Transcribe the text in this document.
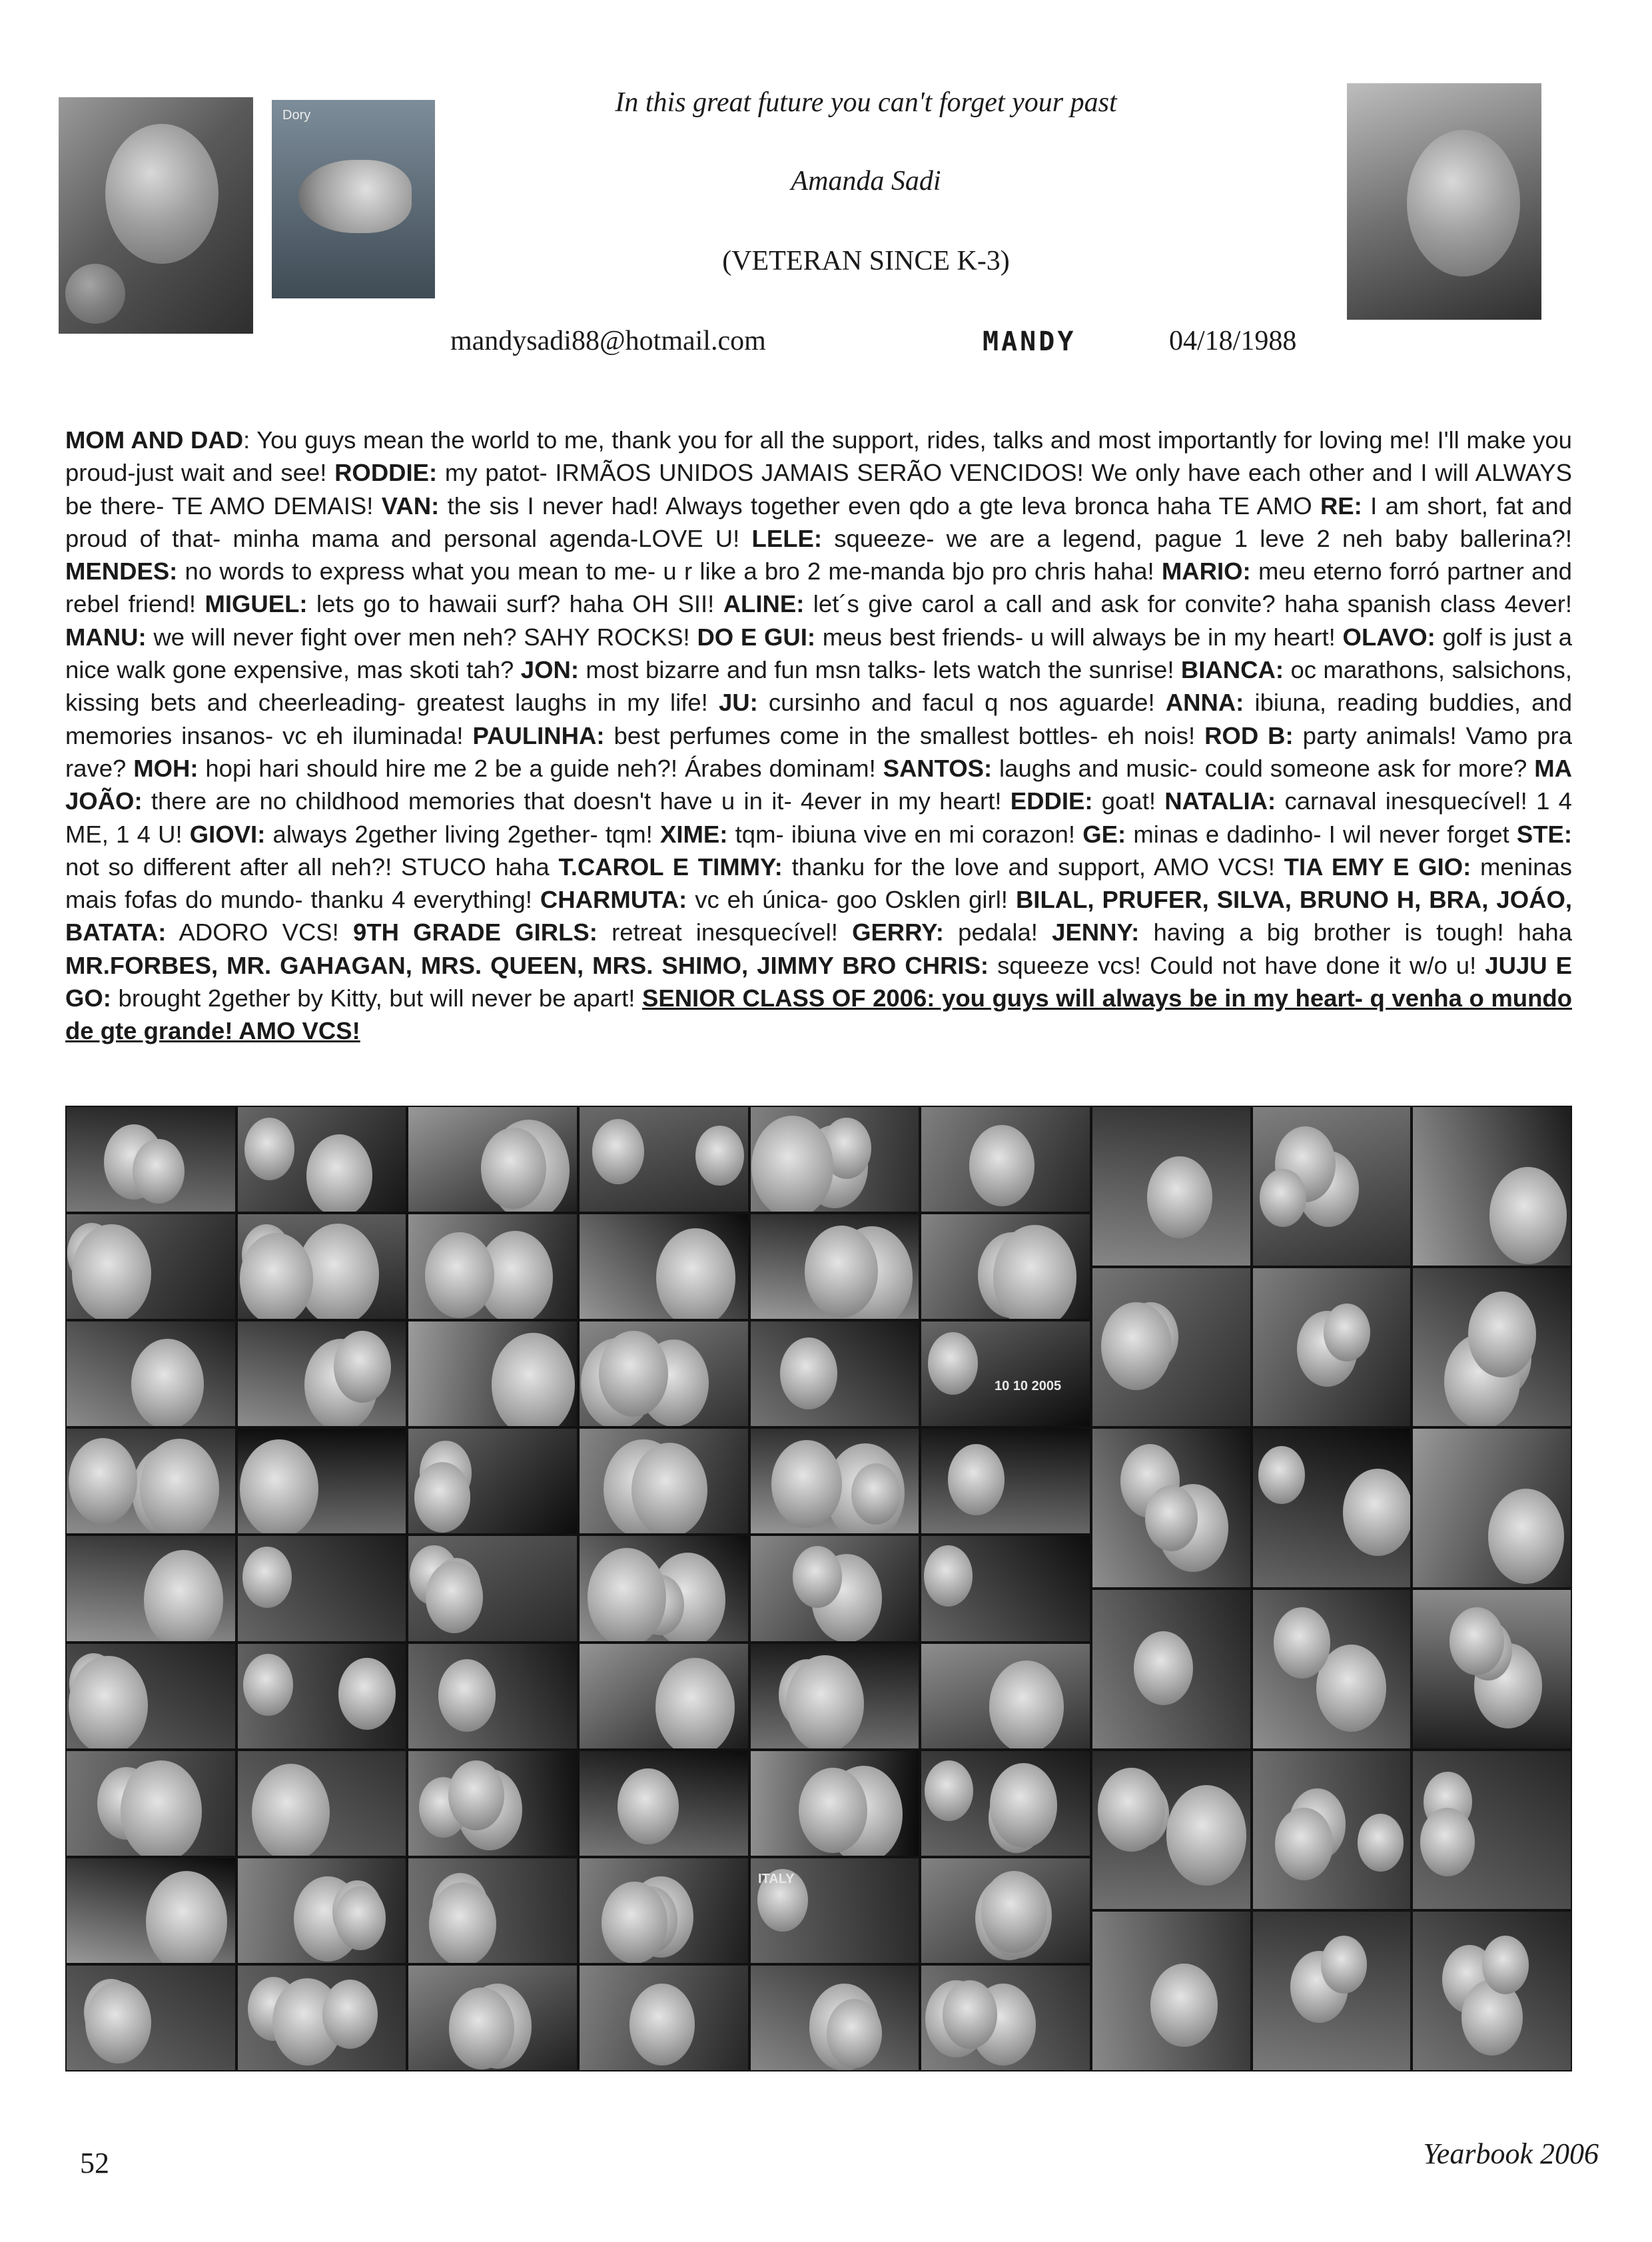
Dory	In this great future you can't forget your past
Amanda Sadi
(VETERAN SINCE K-3)
mandysadi88@hotmail.com	MANDY	04/18/1988
MOM AND DAD: You guys mean the world to me, thank you for all the support, rides, talks and most importantly for loving me! I'll make you proud-just wait and see! RODDIE: my patot- IRMÃOS UNIDOS JAMAIS SERÃO VENCIDOS! We only have each other and I will ALWAYS be there- TE AMO DEMAIS! VAN: the sis I never had! Always together even qdo a gte leva bronca haha TE AMO RE: I am short, fat and proud of that- minha mama and personal agenda-LOVE U! LELE: squeeze- we are a legend, pague 1 leve 2 neh baby ballerina?! MENDES: no words to express what you mean to me- u r like a bro 2 me-manda bjo pro chris haha! MARIO: meu eterno forró partner and rebel friend! MIGUEL: lets go to hawaii surf? haha OH SII! ALINE: let´s give carol a call and ask for convite? haha spanish class 4ever! MANU: we will never fight over men neh? SAHY ROCKS! DO E GUI: meus best friends- u will always be in my heart! OLAVO: golf is just a nice walk gone expensive, mas skoti tah? JON: most bizarre and fun msn talks- lets watch the sunrise! BIANCA: oc marathons, salsichons, kissing bets and cheerleading- greatest laughs in my life! JU: cursinho and facul q nos aguarde! ANNA: ibiuna, reading buddies, and memories insanos- vc eh iluminada! PAULINHA: best perfumes come in the smallest bottles- eh nois! ROD B: party animals! Vamo pra rave? MOH: hopi hari should hire me 2 be a guide neh?! Árabes dominam! SANTOS: laughs and music- could someone ask for more? MA JOÃO: there are no childhood memories that doesn't have u in it- 4ever in my heart! EDDIE: goat! NATALIA: carnaval inesquecível! 1 4 ME, 1 4 U! GIOVI: always 2gether living 2gether- tqm! XIME: tqm- ibiuna vive en mi corazon! GE: minas e dadinho- I wil never forget STE: not so different after all neh?! STUCO haha T.CAROL E TIMMY: thanku for the love and support, AMO VCS! TIA EMY E GIO: meninas mais fofas do mundo- thanku 4 everything! CHARMUTA: vc eh única- goo Osklen girl! BILAL, PRUFER, SILVA, BRUNO H, BRA, JOÁO, BATATA: ADORO VCS! 9TH GRADE GIRLS: retreat inesquecível! GERRY: pedala! JENNY: having a big brother is tough! haha MR.FORBES, MR. GAHAGAN, MRS. QUEEN, MRS. SHIMO, JIMMY BRO CHRIS: squeeze vcs! Could not have done it w/o u! JUJU E GO: brought 2gether by Kitty, but will never be apart! SENIOR CLASS OF 2006: you guys will always be in my heart- q venha o mundo de gte grande! AMO VCS!
ITALY
10 10 2005
52	Yearbook 2006
